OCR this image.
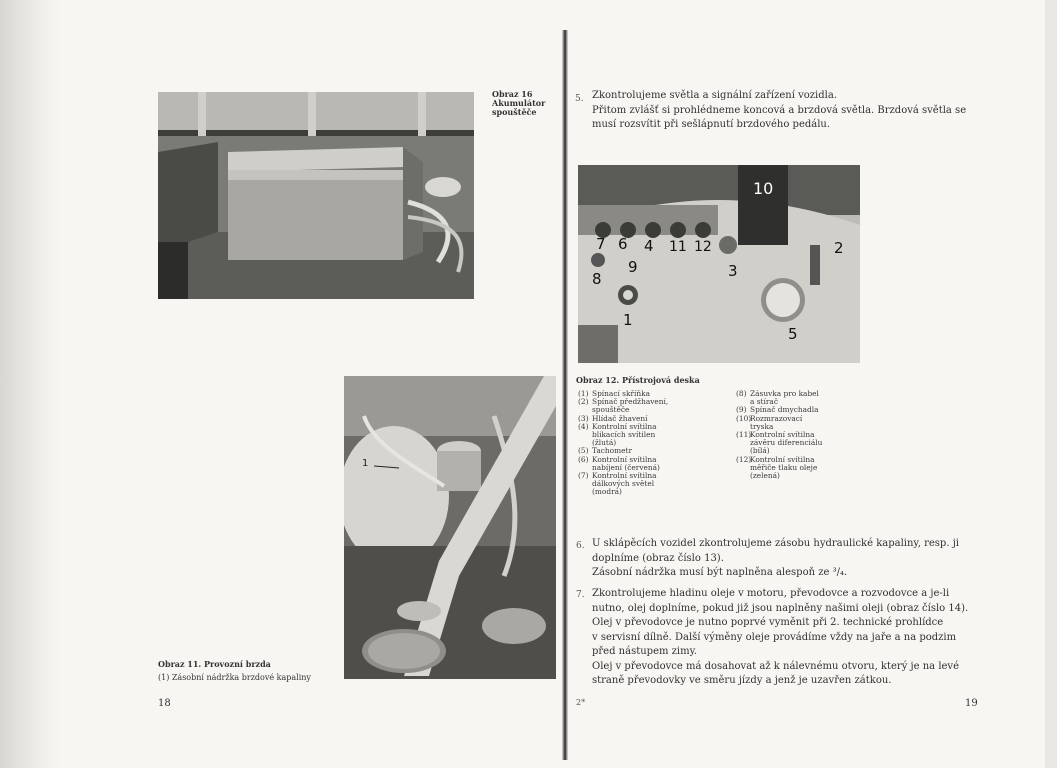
Obraz 16
Akumulátor
spouštěče
1
Obraz 11. Provozní brzda
(1) Zásobní nádržka brzdové kapaliny
18
5. Zkontrolujeme světla a signální zařízení vozidla.

Přitom zvlášť si prohlédneme koncová a brzdová světla. Brzdová světla se

musí rozsvítit při sešlápnutí brzdového pedálu.

10
7 6 4 11 12
9
8	3
2
1
5
Obraz 12. Přístrojová deska
(1) Spínací skříňka
(2) Spínač předžhavení,
spouštěče
(3) Hlídač žhavení
(4) Kontrolní svítilna
blikacích svítilen
(žlutá)
(5) Tachometr
(6) Kontrolní svítilna
nabíjení (červená)
(7) Kontrolní svítilna
dálkových světel
(modrá)
(8) Zásuvka pro kabel
a stírač
(9) Spínač dmychadla
(10)
Rozmrazovací
tryska
(11)
Kontrolní svítilna
závěru diferenciálu
(bílá)
(12)
Kontrolní svítilna
měřiče tlaku oleje
(zelená)
6. U sklápěcích vozidel zkontrolujeme zásobu hydraulické kapaliny, resp. ji

doplníme (obraz číslo 13).

Zásobní nádržka musí být naplněna alespoň ze ³/₄.

7. Zkontrolujeme hladinu oleje v motoru, převodovce a rozvodovce a je-li

nutno, olej doplníme, pokud již jsou naplněny našimi oleji (obraz číslo 14).

Olej v převodovce je nutno poprvé vyměnit při 2. technické prohlídce

v servisní dílně. Další výměny oleje provádíme vždy na jaře a na podzim

před nástupem zimy.

Olej v převodovce má dosahovat až k nálevnému otvoru, který je na levé

straně převodovky ve směru jízdy a jenž je uzavřen zátkou.

2*	19
